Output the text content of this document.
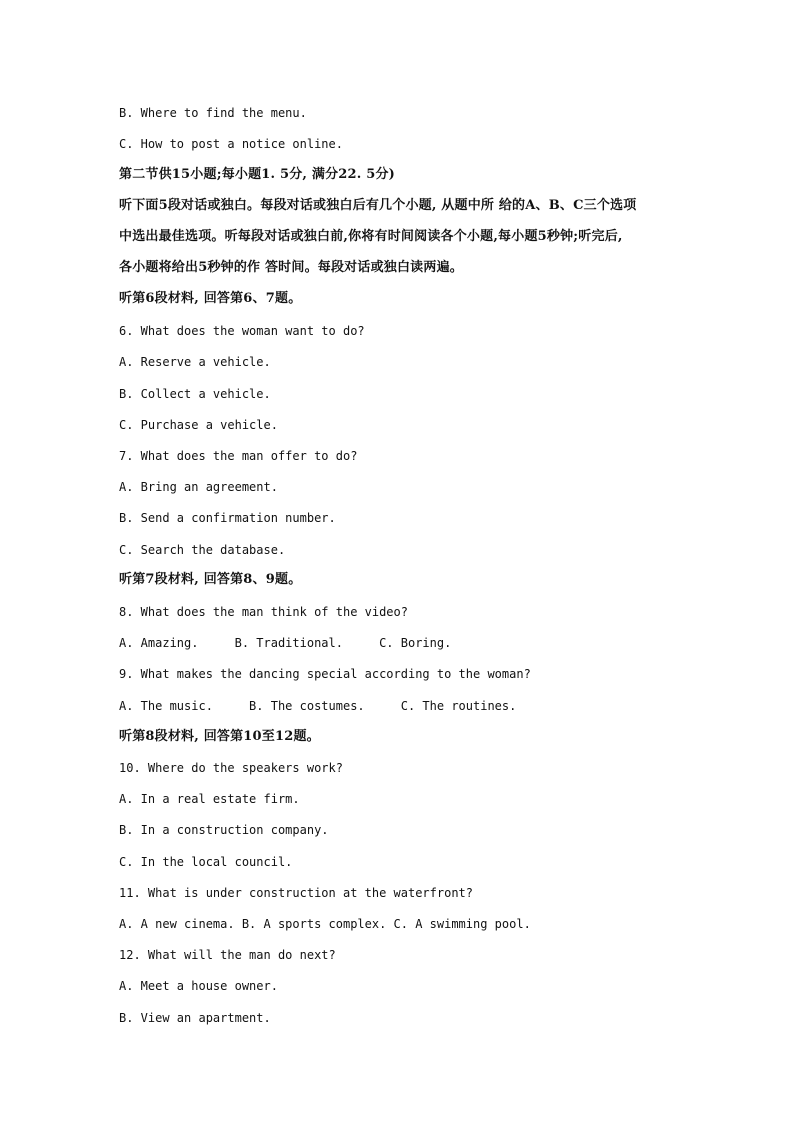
B. Where to find the menu.
C. How to post a notice online.
第二节供15小题;每小题1. 5分, 满分22. 5分)
听下面5段对话或独白。每段对话或独白后有几个小题, 从题中所 给的A、B、C三个选项
中选出最佳选项。听每段对话或独白前,你将有时间阅读各个小题,每小题5秒钟;听完后,
各小题将给出5秒钟的作 答时间。每段对话或独白读两遍。
听第6段材料, 回答第6、7题。
6. What does the woman want to do?
A. Reserve a vehicle.
B. Collect a vehicle.
C. Purchase a vehicle.
7. What does the man offer to do?
A. Bring an agreement.
B. Send a confirmation number.
C. Search the database.
听第7段材料, 回答第8、9题。
8. What does the man think of the video?
A. Amazing.     B. Traditional.     C. Boring.
9. What makes the dancing special according to the woman?
A. The music.     B. The costumes.     C. The routines.
听第8段材料, 回答第10至12题。
10. Where do the speakers work?
A. In a real estate firm.
B. In a construction company.
C. In the local council.
11. What is under construction at the waterfront?
A. A new cinema. B. A sports complex. C. A swimming pool.
12. What will the man do next?
A. Meet a house owner.
B. View an apartment.
